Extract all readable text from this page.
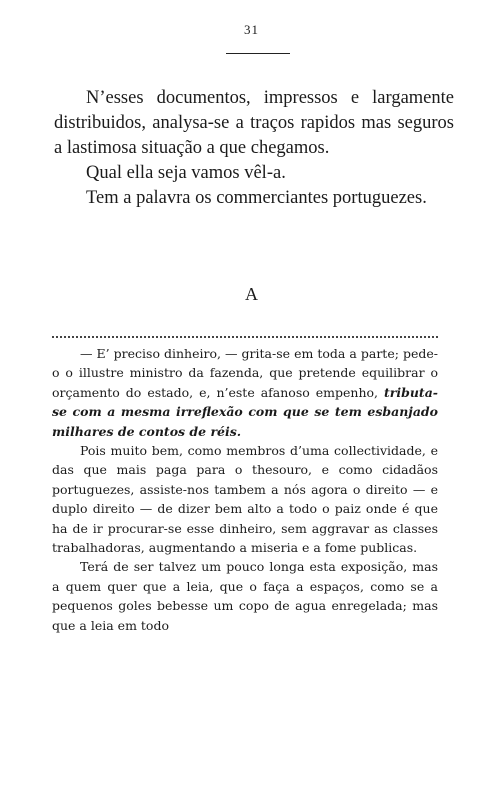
31

N’esses documentos, impressos e largamente distribuidos, analysa-se a traços rapidos mas seguros a lastimosa situação a que chegamos.

Qual ella seja vamos vêl-a.

Tem a palavra os commerciantes portuguezes.

A

— E’ preciso dinheiro, — grita-se em toda a parte; pede-o o illustre ministro da fazenda, que pretende equilibrar o orçamento do estado, e, n’este afanoso empenho, tributa-se com a mesma irreflexão com que se tem esbanjado milhares de contos de réis.

Pois muito bem, como membros d’uma collectividade, e das que mais paga para o thesouro, e como cidadãos portuguezes, assiste-nos tambem a nós agora o direito — e duplo direito — de dizer bem alto a todo o paiz onde é que ha de ir procurar-se esse dinheiro, sem aggravar as classes trabalhadoras, augmentando a miseria e a fome publicas.

Terá de ser talvez um pouco longa esta exposição, mas a quem quer que a leia, que o faça a espaços, como se a pequenos goles bebesse um copo de agua enregelada; mas que a leia em todo
